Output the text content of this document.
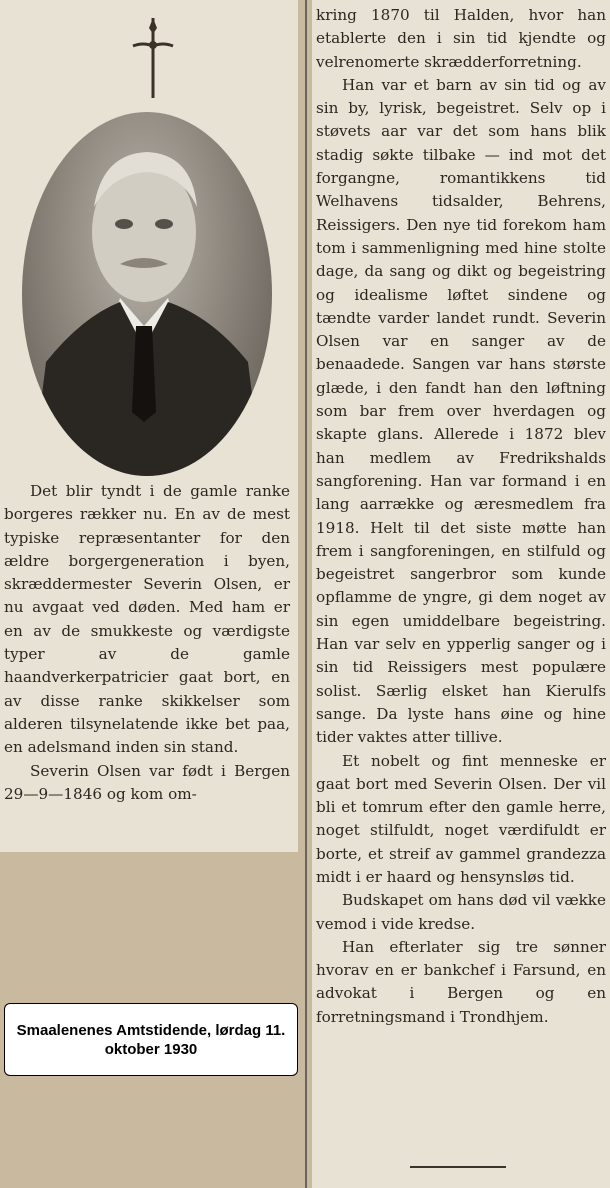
Det blir tyndt i de gamle ranke borgeres rækker nu. En av de mest typiske repræsentanter for den ældre borgergeneration i byen, skræddermester Severin Olsen, er nu avgaat ved døden. Med ham er en av de smukkeste og værdigste typer av de gamle haandverkerpatricier gaat bort, en av disse ranke skikkelser som alderen tilsynelatende ikke bet paa, en adelsmand inden sin stand.

Severin Olsen var født i Bergen 29—9—1846 og kom om-

kring 1870 til Halden, hvor han etablerte den i sin tid kjendte og velrenomerte skrædderforretning.

Han var et barn av sin tid og av sin by, lyrisk, begeistret. Selv op i støvets aar var det som hans blik stadig søkte tilbake — ind mot det forgangne, romantikkens tid Welhavens tidsalder, Behrens, Reissigers. Den nye tid forekom ham tom i sammenligning med hine stolte dage, da sang og dikt og begeistring og idealisme løftet sindene og tændte varder landet rundt. Severin Olsen var en sanger av de benaadede. Sangen var hans største glæde, i den fandt han den løftning som bar frem over hverdagen og skapte glans. Allerede i 1872 blev han medlem av Fredrikshalds sangforening. Han var formand i en lang aarrække og æresmedlem fra 1918. Helt til det siste møtte han frem i sangforeningen, en stilfuld og begeistret sangerbror som kunde opflamme de yngre, gi dem noget av sin egen umiddelbare begeistring. Han var selv en ypperlig sanger og i sin tid Reissigers mest populære solist. Særlig elsket han Kierulfs sange. Da lyste hans øine og hine tider vaktes atter tillive.

Et nobelt og fint menneske er gaat bort med Severin Olsen. Der vil bli et tomrum efter den gamle herre, noget stilfuldt, noget værdifuldt er borte, et streif av gammel grandezza midt i er haard og hensynsløs tid.

Budskapet om hans død vil vække vemod i vide kredse.

Han efterlater sig tre sønner hvorav en er bankchef i Farsund, en advokat i Bergen og en forretningsmand i Trondhjem.

Smaalenenes Amtstidende, lørdag 11. oktober 1930
